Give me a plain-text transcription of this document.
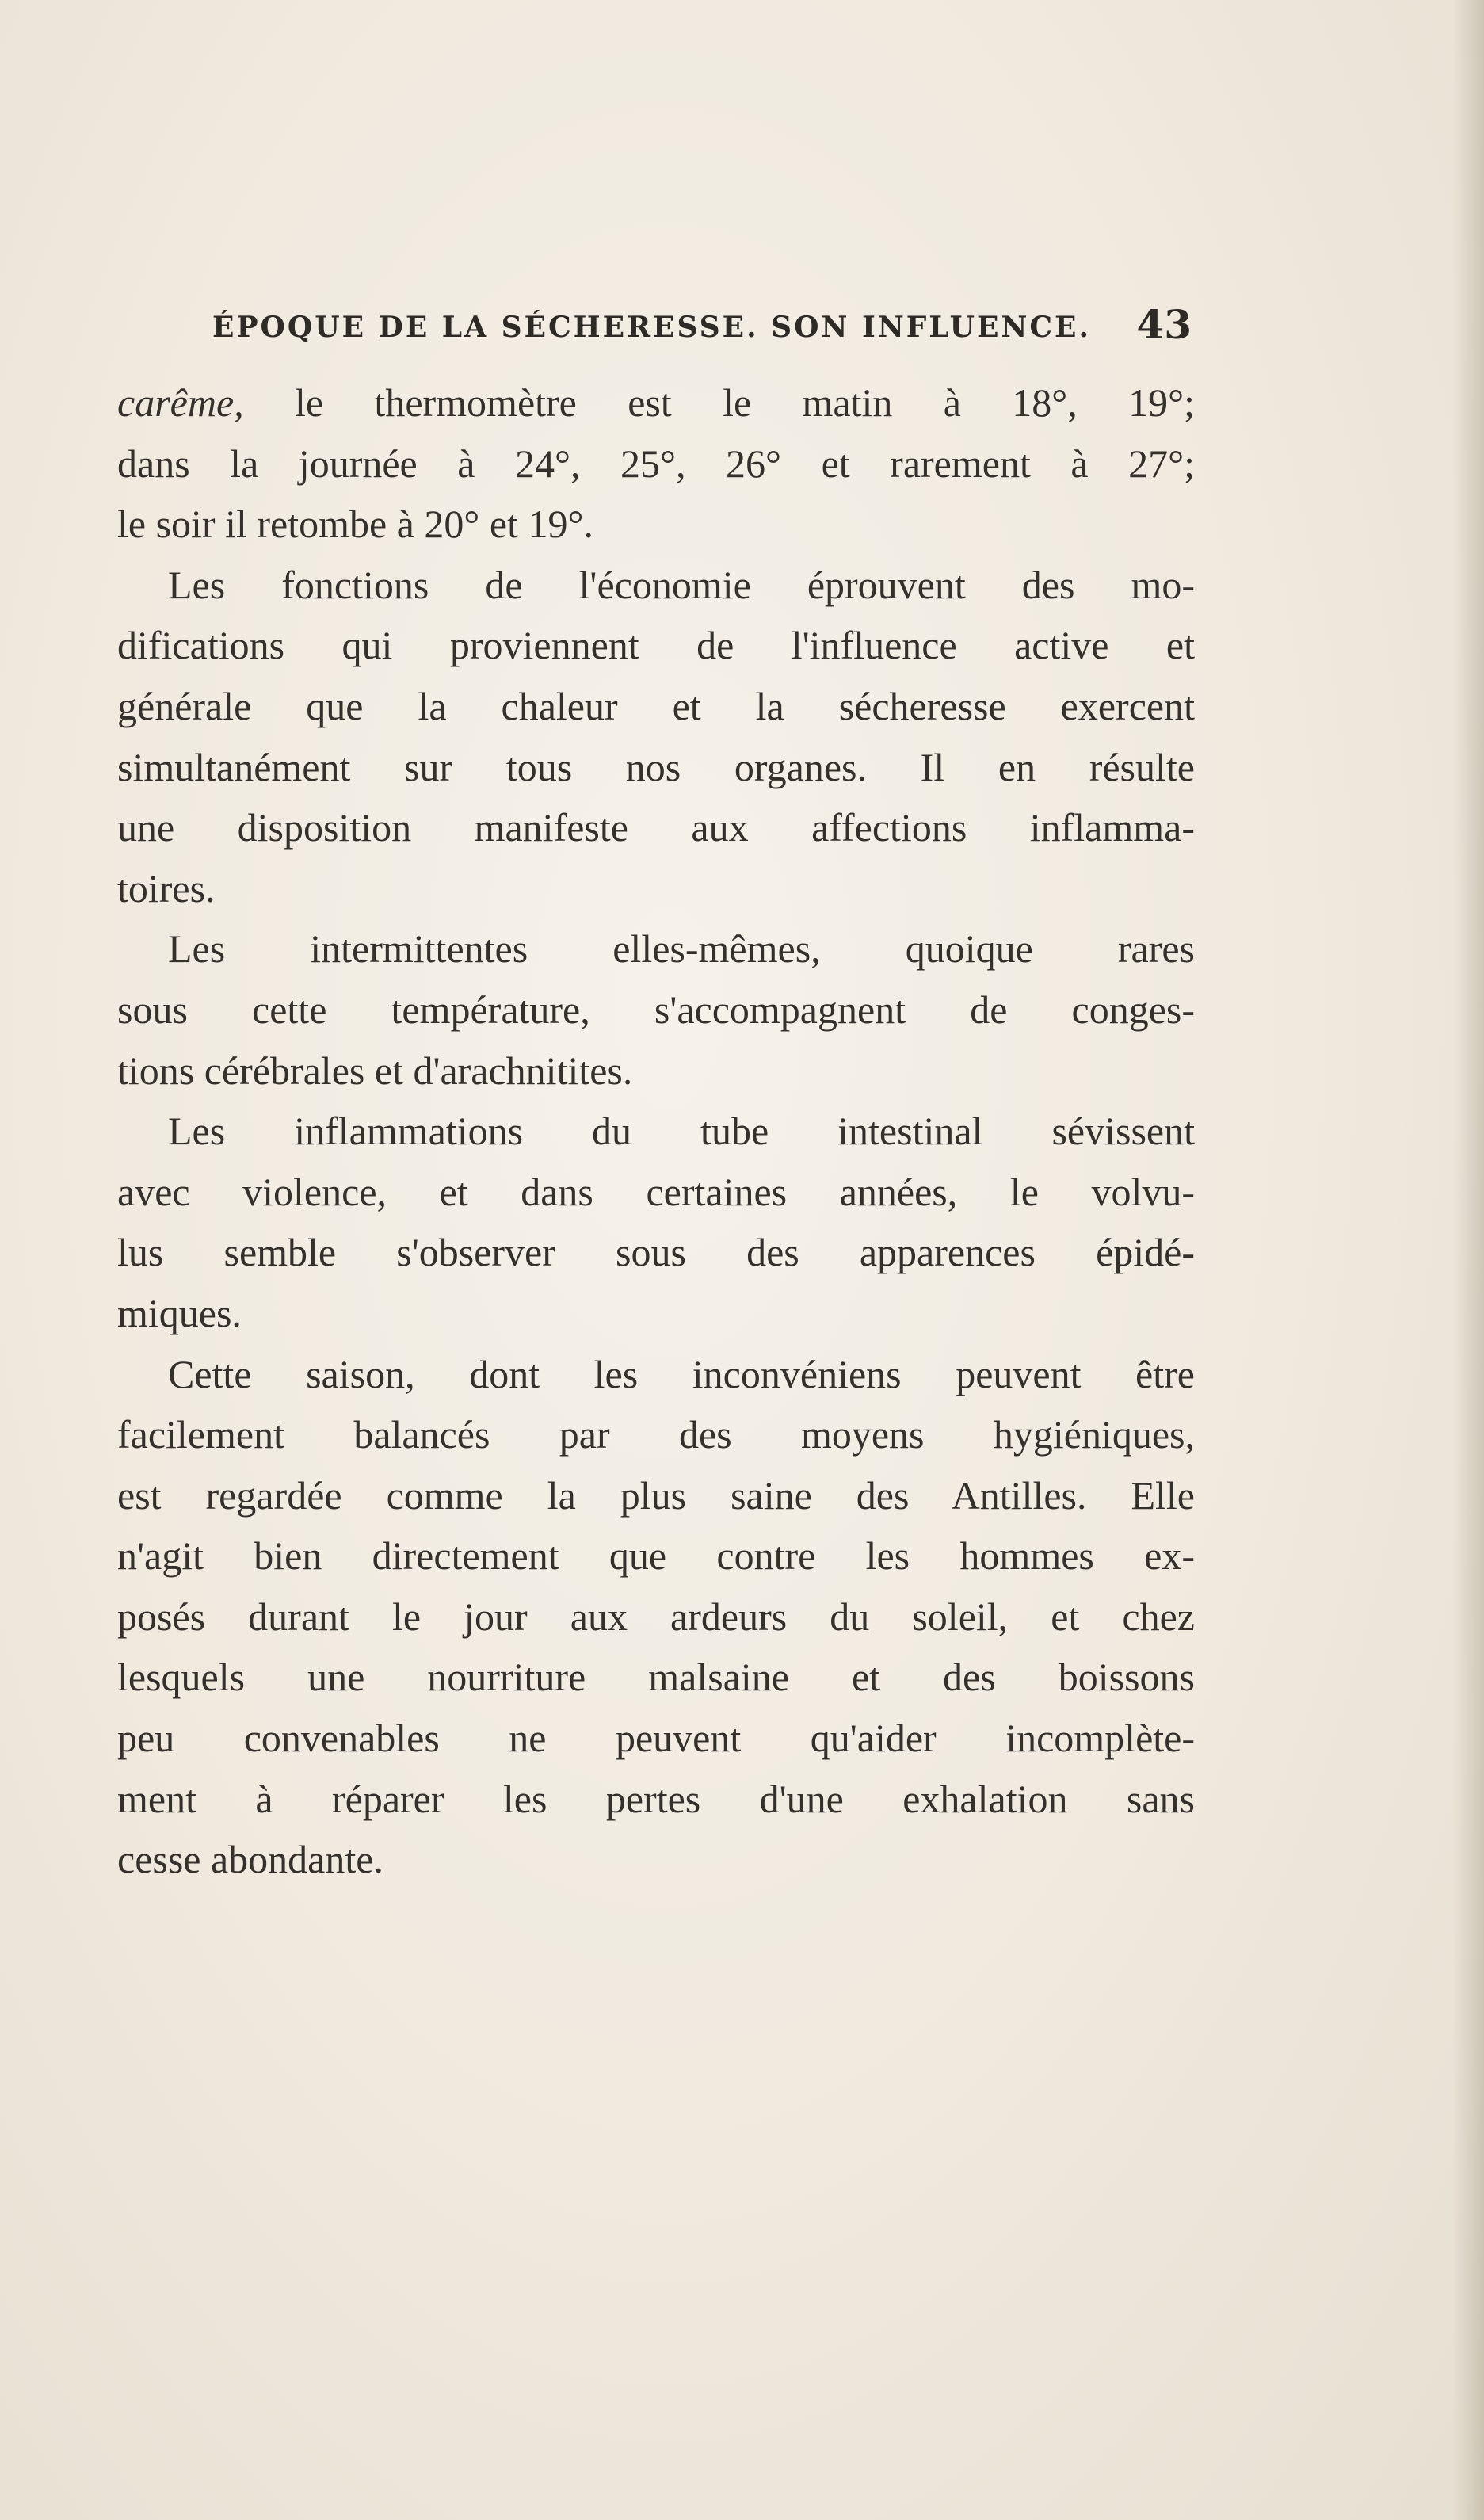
ÉPOQUE DE LA SÉCHERESSE. SON INFLUENCE. 43
carême, le thermomètre est le matin à 18°, 19°;
dans la journée à 24°, 25°, 26° et rarement à 27°;
le soir il retombe à 20° et 19°.
Les fonctions de l'économie éprouvent des mo-
difications qui proviennent de l'influence active et
générale que la chaleur et la sécheresse exercent
simultanément sur tous nos organes. Il en résulte
une disposition manifeste aux affections inflamma-
toires.
Les intermittentes elles-mêmes, quoique rares
sous cette température, s'accompagnent de conges-
tions cérébrales et d'arachnitites.
Les inflammations du tube intestinal sévissent
avec violence, et dans certaines années, le volvu-
lus semble s'observer sous des apparences épidé-
miques.
Cette saison, dont les inconvéniens peuvent être
facilement balancés par des moyens hygiéniques,
est regardée comme la plus saine des Antilles. Elle
n'agit bien directement que contre les hommes ex-
posés durant le jour aux ardeurs du soleil, et chez
lesquels une nourriture malsaine et des boissons
peu convenables ne peuvent qu'aider incomplète-
ment à réparer les pertes d'une exhalation sans
cesse abondante.
